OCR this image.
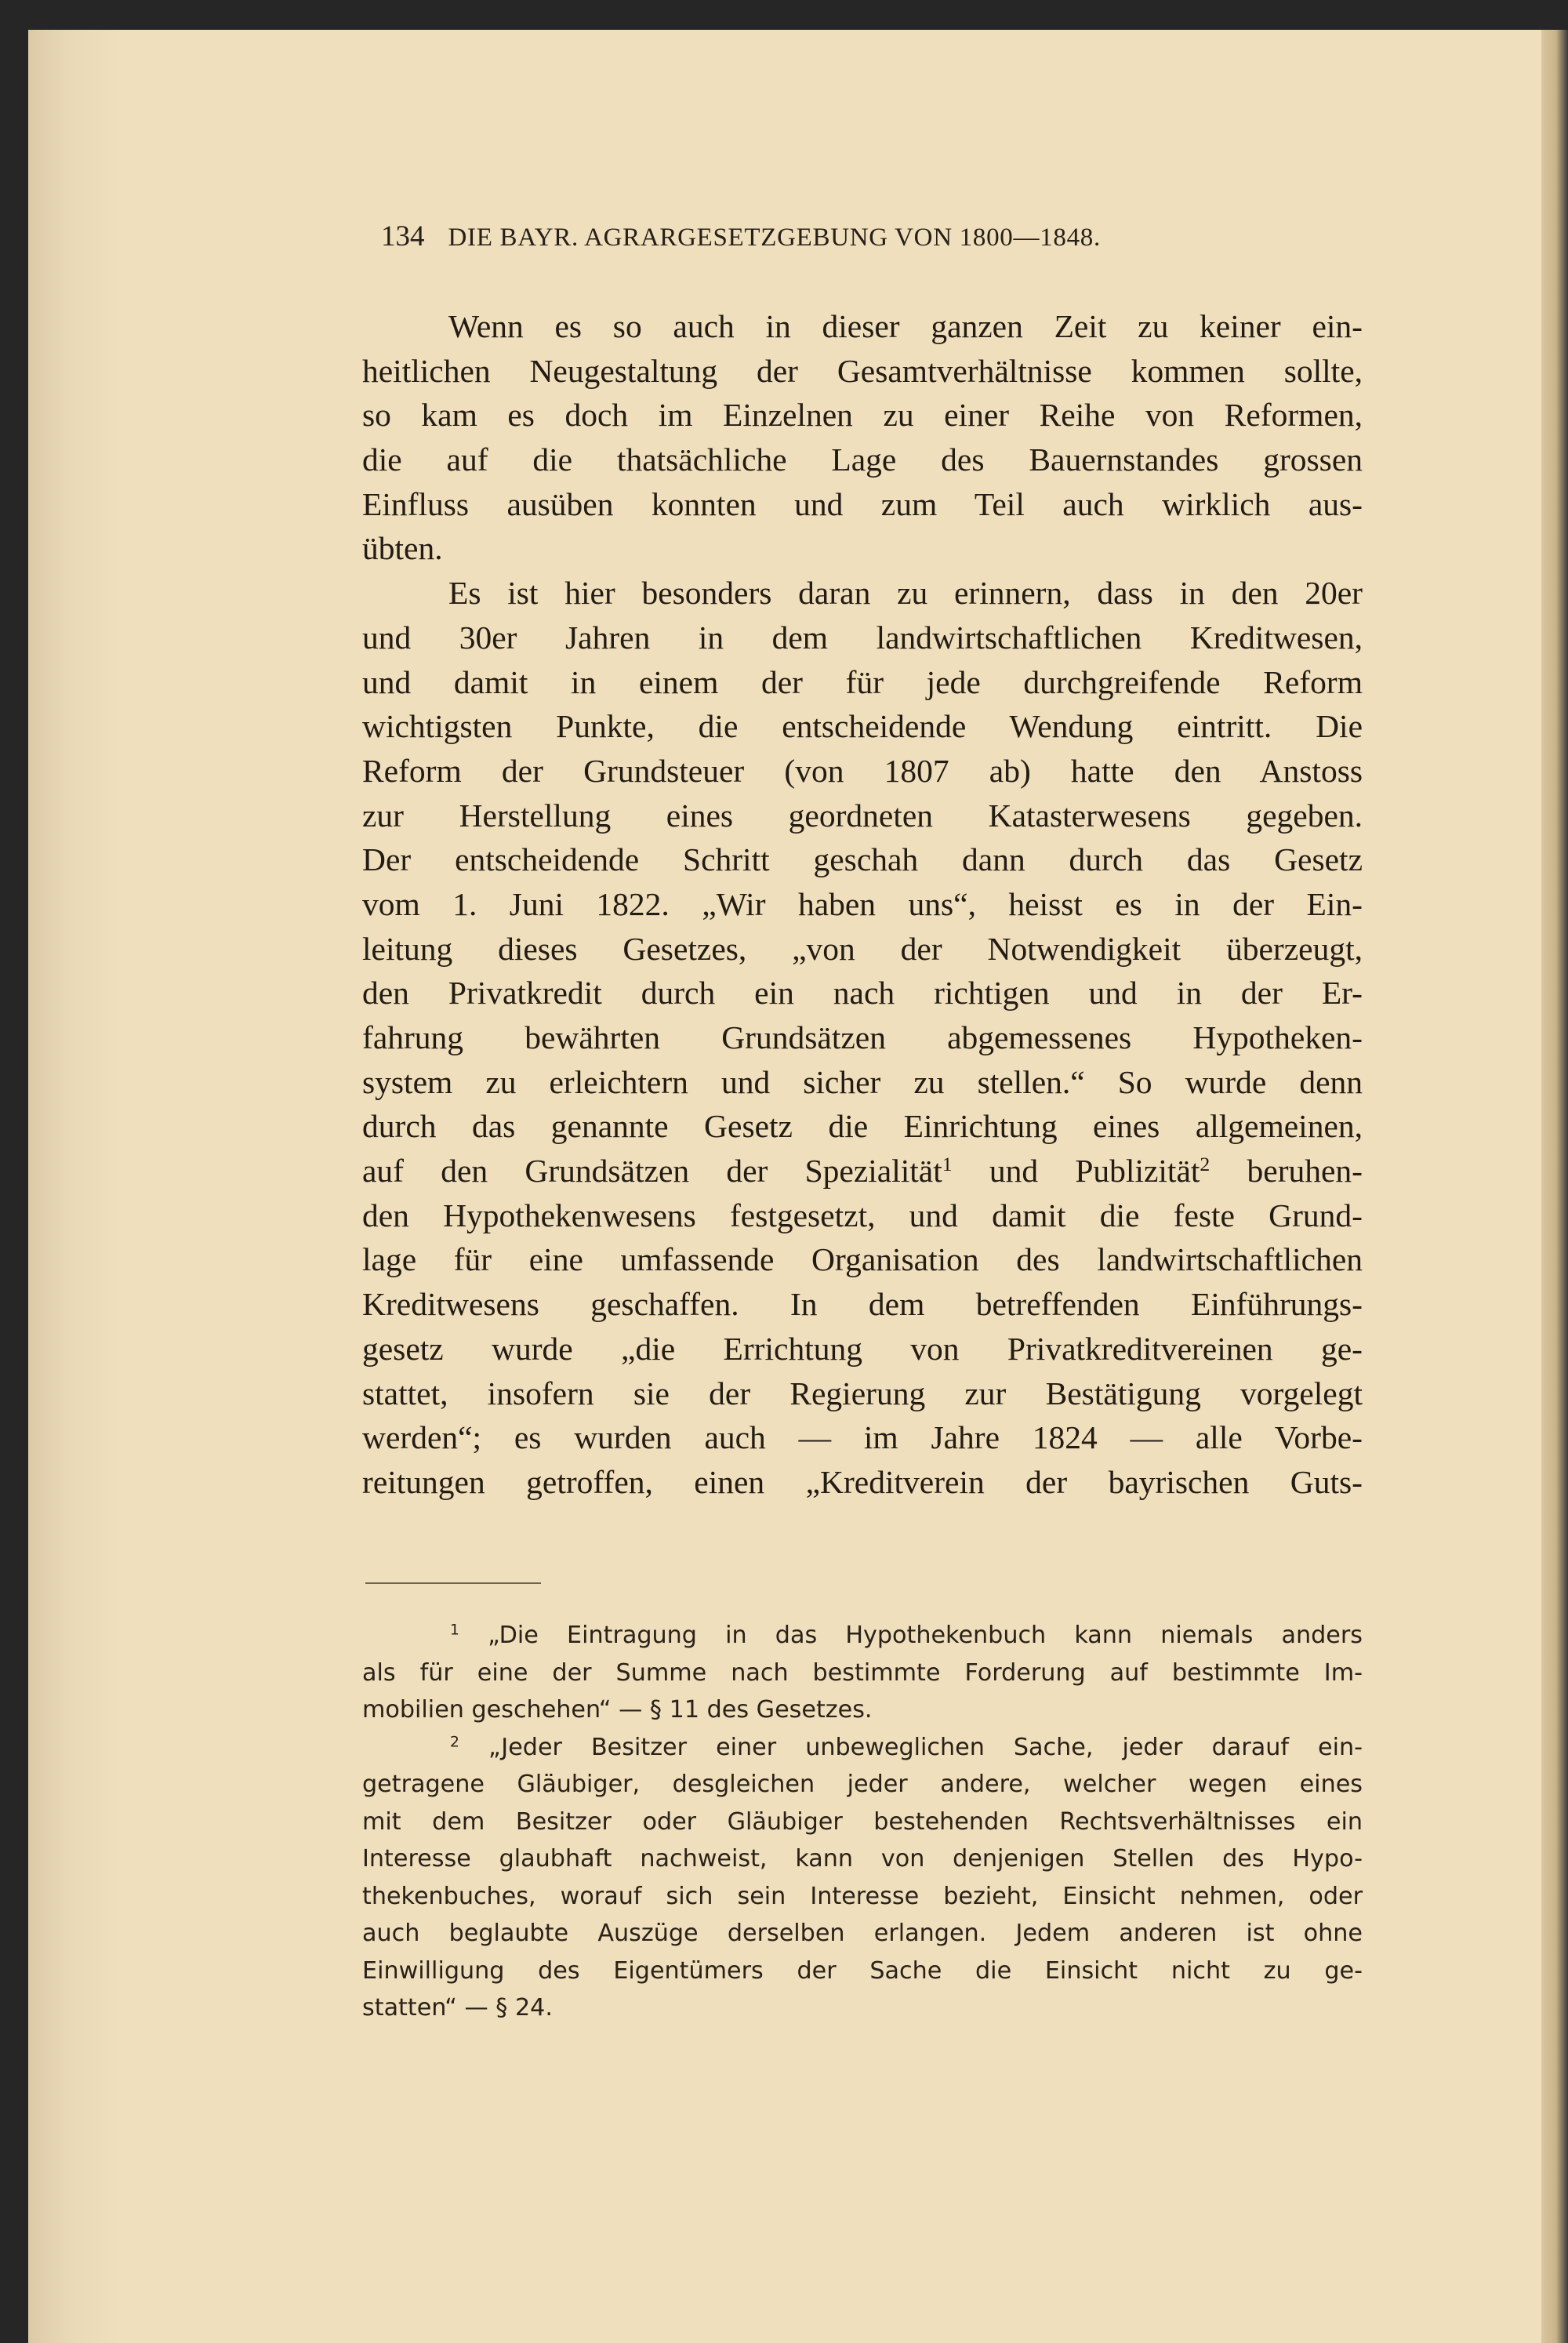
134 DIE BAYR. AGRARGESETZGEBUNG VON 1800—1848.
Wenn es so auch in dieser ganzen Zeit zu keiner ein-
heitlichen Neugestaltung der Gesamtverhältnisse kommen sollte,
so kam es doch im Einzelnen zu einer Reihe von Reformen,
die auf die thatsächliche Lage des Bauernstandes grossen
Einfluss ausüben konnten und zum Teil auch wirklich aus-
übten.
Es ist hier besonders daran zu erinnern, dass in den 20er
und 30er Jahren in dem landwirtschaftlichen Kreditwesen,
und damit in einem der für jede durchgreifende Reform
wichtigsten Punkte, die entscheidende Wendung eintritt. Die
Reform der Grundsteuer (von 1807 ab) hatte den Anstoss
zur Herstellung eines geordneten Katasterwesens gegeben.
Der entscheidende Schritt geschah dann durch das Gesetz
vom 1. Juni 1822. „Wir haben uns“, heisst es in der Ein-
leitung dieses Gesetzes, „von der Notwendigkeit überzeugt,
den Privatkredit durch ein nach richtigen und in der Er-
fahrung bewährten Grundsätzen abgemessenes Hypotheken-
system zu erleichtern und sicher zu stellen.“ So wurde denn
durch das genannte Gesetz die Einrichtung eines allgemeinen,
auf den Grundsätzen der Spezialität$^1$ und Publizität$^2$ beruhen-
den Hypothekenwesens festgesetzt, und damit die feste Grund-
lage für eine umfassende Organisation des landwirtschaftlichen
Kreditwesens geschaffen. In dem betreffenden Einführungs-
gesetz wurde „die Errichtung von Privatkreditvereinen ge-
stattet, insofern sie der Regierung zur Bestätigung vorgelegt
werden“; es wurden auch — im Jahre 1824 — alle Vorbe-
reitungen getroffen, einen „Kreditverein der bayrischen Guts-
$^1$ „Die Eintragung in das Hypothekenbuch kann niemals anders
als für eine der Summe nach bestimmte Forderung auf bestimmte Im-
mobilien geschehen“ — § 11 des Gesetzes.
$^2$ „Jeder Besitzer einer unbeweglichen Sache, jeder darauf ein-
getragene Gläubiger, desgleichen jeder andere, welcher wegen eines
mit dem Besitzer oder Gläubiger bestehenden Rechtsverhältnisses ein
Interesse glaubhaft nachweist, kann von denjenigen Stellen des Hypo-
thekenbuches, worauf sich sein Interesse bezieht, Einsicht nehmen, oder
auch beglaubte Auszüge derselben erlangen. Jedem anderen ist ohne
Einwilligung des Eigentümers der Sache die Einsicht nicht zu ge-
statten“ — § 24.
